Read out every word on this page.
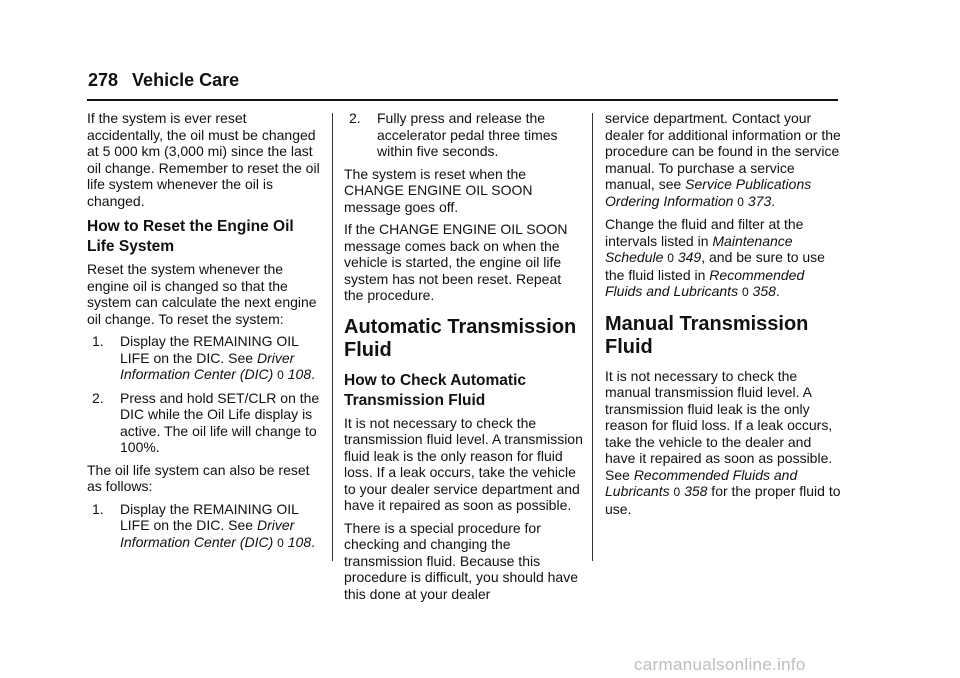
278 Vehicle Care

If the system is ever reset accidentally, the oil must be changed at 5 000 km (3,000 mi) since the last oil change. Remember to reset the oil life system whenever the oil is changed.

How to Reset the Engine Oil Life System

Reset the system whenever the engine oil is changed so that the system can calculate the next engine oil change. To reset the system:

1. Display the REMAINING OIL LIFE on the DIC. See Driver Information Center (DIC) 0 108.
2. Press and hold SET/CLR on the DIC while the Oil Life display is active. The oil life will change to 100%.

The oil life system can also be reset as follows:

1. Display the REMAINING OIL LIFE on the DIC. See Driver Information Center (DIC) 0 108.
2. Fully press and release the accelerator pedal three times within five seconds.

The system is reset when the CHANGE ENGINE OIL SOON message goes off.

If the CHANGE ENGINE OIL SOON message comes back on when the vehicle is started, the engine oil life system has not been reset. Repeat the procedure.

Automatic Transmission Fluid
How to Check Automatic Transmission Fluid

It is not necessary to check the transmission fluid level. A transmission fluid leak is the only reason for fluid loss. If a leak occurs, take the vehicle to your dealer service department and have it repaired as soon as possible.

There is a special procedure for checking and changing the transmission fluid. Because this procedure is difficult, you should have this done at your dealer

service department. Contact your dealer for additional information or the procedure can be found in the service manual. To purchase a service manual, see Service Publications Ordering Information 0 373.

Change the fluid and filter at the intervals listed in Maintenance Schedule 0 349, and be sure to use the fluid listed in Recommended Fluids and Lubricants 0 358.

Manual Transmission Fluid

It is not necessary to check the manual transmission fluid level. A transmission fluid leak is the only reason for fluid loss. If a leak occurs, take the vehicle to the dealer and have it repaired as soon as possible. See Recommended Fluids and Lubricants 0 358 for the proper fluid to use.

carmanualsonline.info
